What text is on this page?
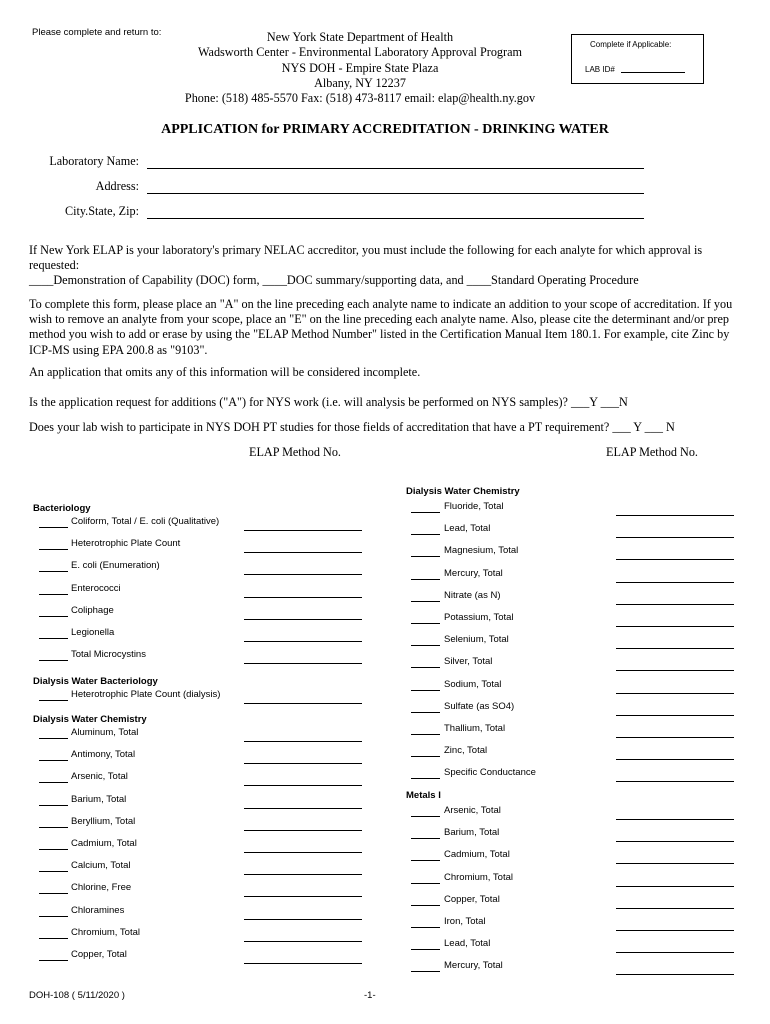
Please complete and return to:	New York State Department of Health
Wadsworth Center - Environmental Laboratory Approval Program
NYS DOH - Empire State Plaza
Albany, NY 12237
Phone: (518) 485-5570 Fax: (518) 473-8117 email: elap@health.ny.gov
Complete if Applicable:
LAB ID#
APPLICATION for PRIMARY ACCREDITATION - DRINKING WATER
Laboratory Name:
Address:
City.State, Zip:
If New York ELAP is your laboratory's primary NELAC accreditor, you must include the following for each analyte for which approval is requested:
____Demonstration of Capability (DOC) form, ____DOC summary/supporting data, and ____Standard Operating Procedure
To complete this form, please place an "A" on the line preceding each analyte name to indicate an addition to your scope of accreditation. If you wish to remove an analyte from your scope, place an "E" on the line preceding each analyte name. Also, please cite the determinant and/or prep method you wish to add or erase by using the "ELAP Method Number" listed in the Certification Manual Item 180.1. For example, cite Zinc by ICP-MS using EPA 200.8 as "9103".
An application that omits any of this information will be considered incomplete.
Is the application request for additions ("A") for NYS work (i.e. will analysis be performed on NYS samples)? ___Y ___N
Does your lab wish to participate in NYS DOH PT studies for those fields of accreditation that have a PT requirement? ___ Y ___ N
ELAP Method No.	ELAP Method No.
Bacteriology
Coliform, Total / E. coli (Qualitative)
Heterotrophic Plate Count
E. coli (Enumeration)
Enterococci
Coliphage
Legionella
Total Microcystins
Dialysis Water Bacteriology
Heterotrophic Plate Count (dialysis)
Dialysis Water Chemistry
Aluminum, Total
Antimony, Total
Arsenic, Total
Barium, Total
Beryllium, Total
Cadmium, Total
Calcium, Total
Chlorine, Free
Chloramines
Chromium, Total
Copper, Total
Dialysis Water Chemistry
Fluoride, Total
Lead, Total
Magnesium, Total
Mercury, Total
Nitrate (as N)
Potassium, Total
Selenium, Total
Silver, Total
Sodium, Total
Sulfate (as SO4)
Thallium, Total
Zinc, Total
Specific Conductance
Metals I
Arsenic, Total
Barium, Total
Cadmium, Total
Chromium, Total
Copper, Total
Iron, Total
Lead, Total
Mercury, Total
DOH-108 ( 5/11/2020 )	-1-
